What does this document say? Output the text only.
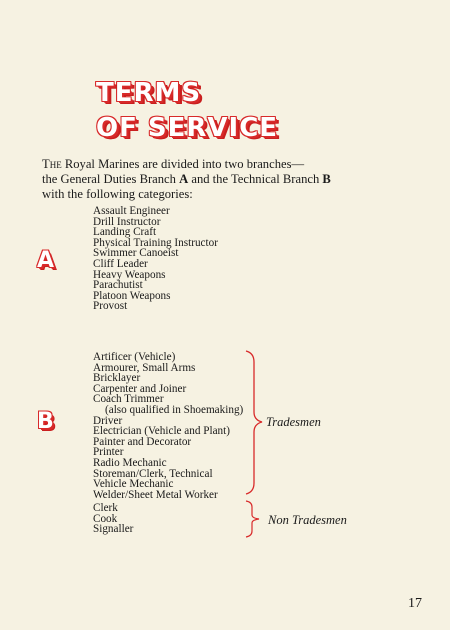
TERMS
OF SERVICE
The Royal Marines are divided into two branches—
the General Duties Branch A and the Technical Branch B
with the following categories:
A
Assault Engineer
Drill Instructor
Landing Craft
Physical Training Instructor
Swimmer Canoeist
Cliff Leader
Heavy Weapons
Parachutist
Platoon Weapons
Provost
B
Artificer (Vehicle)
Armourer, Small Arms
Bricklayer
Carpenter and Joiner
Coach Trimmer
(also qualified in Shoemaking)
Driver
Electrician (Vehicle and Plant)
Painter and Decorator
Printer
Radio Mechanic
Storeman/Clerk, Technical
Vehicle Mechanic
Welder/Sheet Metal Worker
Tradesmen
Clerk
Cook
Signaller
Non Tradesmen
17
